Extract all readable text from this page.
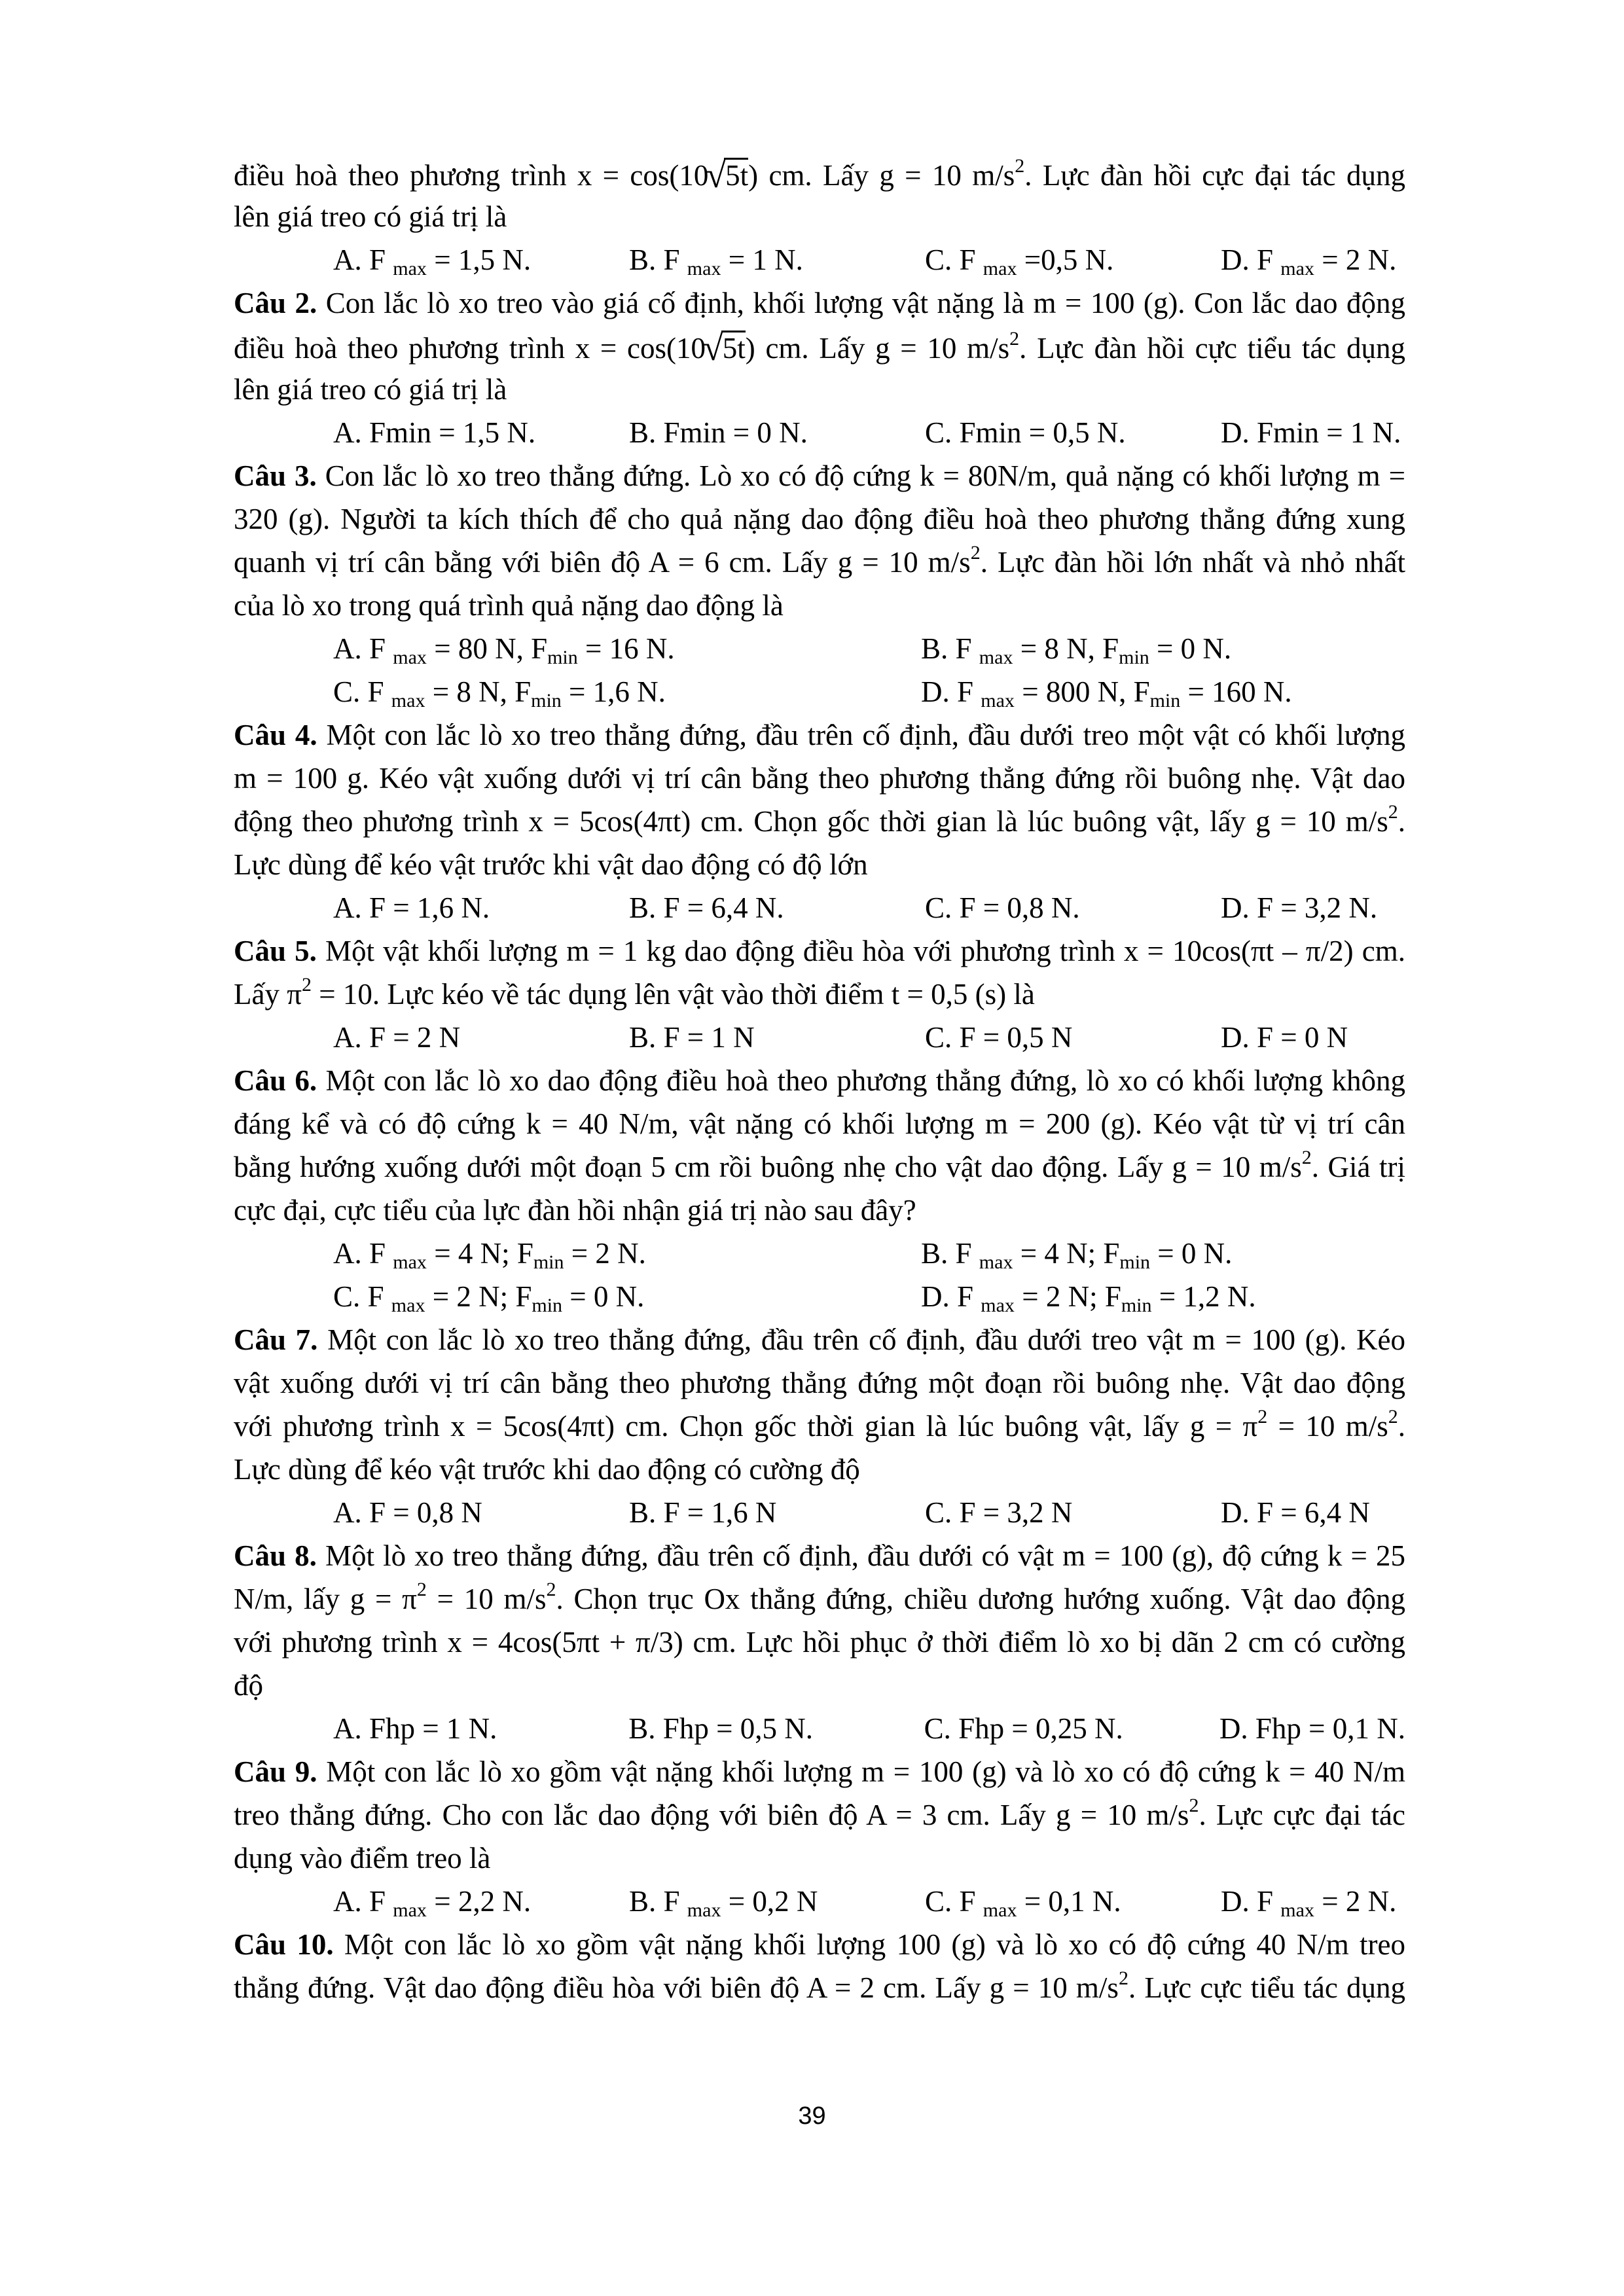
điều hoà theo phương trình x = cos(10√5t) cm. Lấy g = 10 $m/s^2$. Lực đàn hồi cực đại tác dụng
lên giá treo có giá trị là
A. F $_{max}$ = 1,5 N.	B. F $_{max}$ = 1 N.	C. F $_{max}$ =0,5 N.	D. F $_{max}$ = 2 N.
Câu 2. Con lắc lò xo treo vào giá cố định, khối lượng vật nặng là m = 100 (g). Con lắc dao động
điều hoà theo phương trình x = cos(10√5t) cm. Lấy g = 10 $m/s^2$. Lực đàn hồi cực tiểu tác dụng
lên giá treo có giá trị là
A. Fmin = 1,5 N.	B. Fmin = 0 N.	C. Fmin = 0,5 N.	D. Fmin = 1 N.
Câu 3. Con lắc lò xo treo thẳng đứng. Lò xo có độ cứng k = 80N/m, quả nặng có khối lượng m =
320 (g). Người ta kích thích để cho quả nặng dao động điều hoà theo phương thẳng đứng xung
quanh vị trí cân bằng với biên độ A = 6 cm. Lấy g = 10 $m/s^2$. Lực đàn hồi lớn nhất và nhỏ nhất
của lò xo trong quá trình quả nặng dao động là
A. F $_{max}$ = 80 N, $F_{min} = 16$ N.	B. F $_{max}$ = 8 N, $F_{min} = 0$ N.
C. F $_{max}$ = 8 N, $F_{min} = 1,6$ N.	D. F $_{max}$ = 800 N, $F_{min} = 160$ N.
Câu 4. Một con lắc lò xo treo thẳng đứng, đầu trên cố định, đầu dưới treo một vật có khối lượng
m = 100 g. Kéo vật xuống dưới vị trí cân bằng theo phương thẳng đứng rồi buông nhẹ. Vật dao
động theo phương trình x = 5cos(4πt) cm. Chọn gốc thời gian là lúc buông vật, lấy g = 10 $m/s^2$.
Lực dùng để kéo vật trước khi vật dao động có độ lớn
A. F = 1,6 N.	B. F = 6,4 N.	C. F = 0,8 N.	D. F = 3,2 N.
Câu 5. Một vật khối lượng m = 1 kg dao động điều hòa với phương trình x = 10cos(πt – π/2) cm.
Lấy $\pi^2 = 10$. Lực kéo về tác dụng lên vật vào thời điểm t = 0,5 (s) là
A. F = 2 N	B. F = 1 N	C. F = 0,5 N	D. F = 0 N
Câu 6. Một con lắc lò xo dao động điều hoà theo phương thẳng đứng, lò xo có khối lượng không
đáng kể và có độ cứng k = 40 N/m, vật nặng có khối lượng m = 200 (g). Kéo vật từ vị trí cân
bằng hướng xuống dưới một đoạn 5 cm rồi buông nhẹ cho vật dao động. Lấy g = 10 $m/s^2$. Giá trị
cực đại, cực tiểu của lực đàn hồi nhận giá trị nào sau đây?
A. F $_{max}$ = 4 N; $F_{min} = 2$ N.	B. F $_{max}$ = 4 N; $F_{min} = 0$ N.
C. F $_{max}$ = 2 N; $F_{min} = 0$ N.	D. F $_{max}$ = 2 N; $F_{min} = 1,2$ N.
Câu 7. Một con lắc lò xo treo thẳng đứng, đầu trên cố định, đầu dưới treo vật m = 100 (g). Kéo
vật xuống dưới vị trí cân bằng theo phương thẳng đứng một đoạn rồi buông nhẹ. Vật dao động
với phương trình x = 5cos(4πt) cm. Chọn gốc thời gian là lúc buông vật, lấy $g = \pi^2 = 10$ $m/s^2$.
Lực dùng để kéo vật trước khi dao động có cường độ
A. F = 0,8 N	B. F = 1,6 N	C. F = 3,2 N	D. F = 6,4 N
Câu 8. Một lò xo treo thẳng đứng, đầu trên cố định, đầu dưới có vật m = 100 (g), độ cứng k = 25
N/m, lấy $g = \pi^2 = 10$ $m/s^2$. Chọn trục Ox thẳng đứng, chiều dương hướng xuống. Vật dao động
với phương trình x = 4cos(5πt + π/3) cm. Lực hồi phục ở thời điểm lò xo bị dãn 2 cm có cường
độ
A. Fhp = 1 N.	B. Fhp = 0,5 N.	C. Fhp = 0,25 N.	D. Fhp = 0,1 N.
Câu 9. Một con lắc lò xo gồm vật nặng khối lượng m = 100 (g) và lò xo có độ cứng k = 40 N/m
treo thẳng đứng. Cho con lắc dao động với biên độ A = 3 cm. Lấy g = 10 $m/s^2$. Lực cực đại tác
dụng vào điểm treo là
A. F $_{max}$ = 2,2 N.	B. F $_{max}$ = 0,2 N	C. F $_{max}$ = 0,1 N.	D. F $_{max}$ = 2 N.
Câu 10. Một con lắc lò xo gồm vật nặng khối lượng 100 (g) và lò xo có độ cứng 40 N/m treo
thẳng đứng. Vật dao động điều hòa với biên độ A = 2 cm. Lấy g = 10 $m/s^2$. Lực cực tiểu tác dụng
39
